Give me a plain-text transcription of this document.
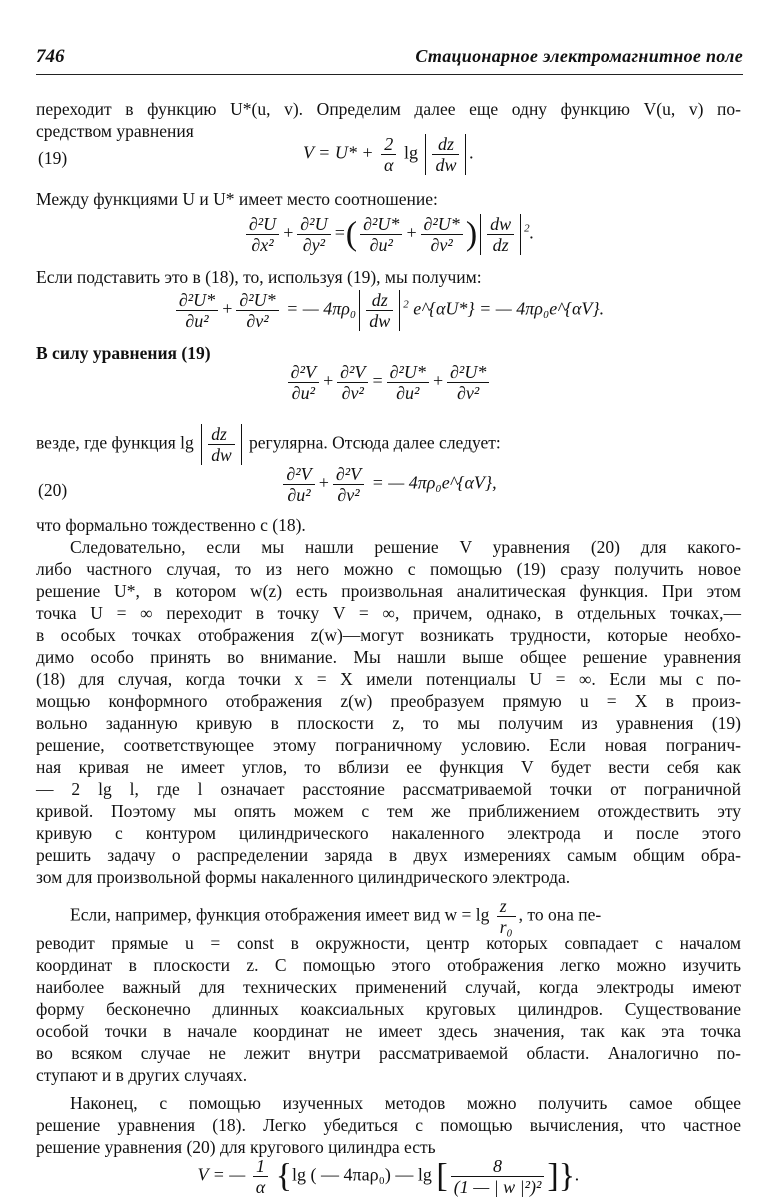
746	Стационарное электромагнитное поле
переходит в функцию U*(u, v). Определим далее еще одну функцию V(u, v) по-
средством уравнения
(19)	$V = U* + \frac{2}{\alpha}$ $\lg \frac{dz}{dw}$ .
Между функциями U и U* имеет место соотношение:
$\frac{\text{∂²U}}{\text{∂x²}} + \frac{\text{∂²U}}{\text{∂y²}}$ =( $\frac{\text{∂²U*}}{\text{∂u²}} + \frac{\text{∂²U*}}{\text{∂v²}}$ ) $\frac{dw}{dz} ^2$.
Если подставить это в (18), то, используя (19), мы получим:
$\frac{\text{∂²U*}}{\text{∂u²}} + \frac{\text{∂²U*}}{\text{∂v²}}$ = — $4\pi\rho_0 \frac{dz}{dw} ^2$ e^{αU*} = — 4πρ₀e^{αV}.
В силу уравнения (19)
$\frac{\text{∂²V}}{\text{∂u²}} + \frac{\text{∂²V}}{\text{∂v²}} = \frac{\text{∂²U*}}{\text{∂u²}} + \frac{\text{∂²U*}}{\text{∂v²}}$
везде, где функция $\lg \frac{dz}{dw}$ регулярна. Отсюда далее следует:
(20)	$\frac{\text{∂²V}}{\text{∂u²}} + \frac{\text{∂²V}}{\text{∂v²}}$ = — 4πρ₀e^{αV},
что формально тождественно с (18).
Следовательно, если мы нашли решение V уравнения (20) для какого-
либо частного случая, то из него можно с помощью (19) сразу получить новое
решение U*, в котором w(z) есть произвольная аналитическая функция. При этом
точка U = ∞ переходит в точку V = ∞, причем, однако, в отдельных точках,—
в особых точках отображения z(w)—могут возникать трудности, которые необхо-
димо особо принять во внимание. Мы нашли выше общее решение уравнения
(18) для случая, когда точки x = X имели потенциалы U = ∞. Если мы с по-
мощью конформного отображения z(w) преобразуем прямую u = X в произ-
вольно заданную кривую в плоскости z, то мы получим из уравнения (19)
решение, соответствующее этому пограничному условию. Если новая погранич-
ная кривая не имеет углов, то вблизи ее функция V будет вести себя как
— 2 lg l, где l означает расстояние рассматриваемой точки от пограничной
кривой. Поэтому мы опять можем с тем же приближением отождествить эту
кривую с контуром цилиндрического накаленного электрода и после этого
решить задачу о распределении заряда в двух измерениях самым общим обра-
зом для произвольной формы накаленного цилиндрического электрода.
Если, например, функция отображения имеет вид $w = \lg \frac{z}{\text{r₀}}$ , то она пе-
реводит прямые u = const в окружности, центр которых совпадает с началом
координат в плоскости z. С помощью этого отображения легко можно изучить
наиболее важный для технических применений случай, когда электроды имеют
форму бесконечно длинных коаксиальных круговых цилиндров. Существование
особой точки в начале координат не имеет здесь значения, так как эта точка
во всяком случае не лежит внутри рассматриваемой области. Аналогично по-
ступают и в других случаях.
Наконец, с помощью изученных методов можно получить самое общее
решение уравнения (18). Легко убедиться с помощью вычисления, что частное
решение уравнения (20) для кругового цилиндра есть
V = — $\frac{1}{\alpha} \{\lg$ ( — 4πaρ₀) — lg [ $\frac{8}{\text{(1 — | w |²)²}}$ ]}.
